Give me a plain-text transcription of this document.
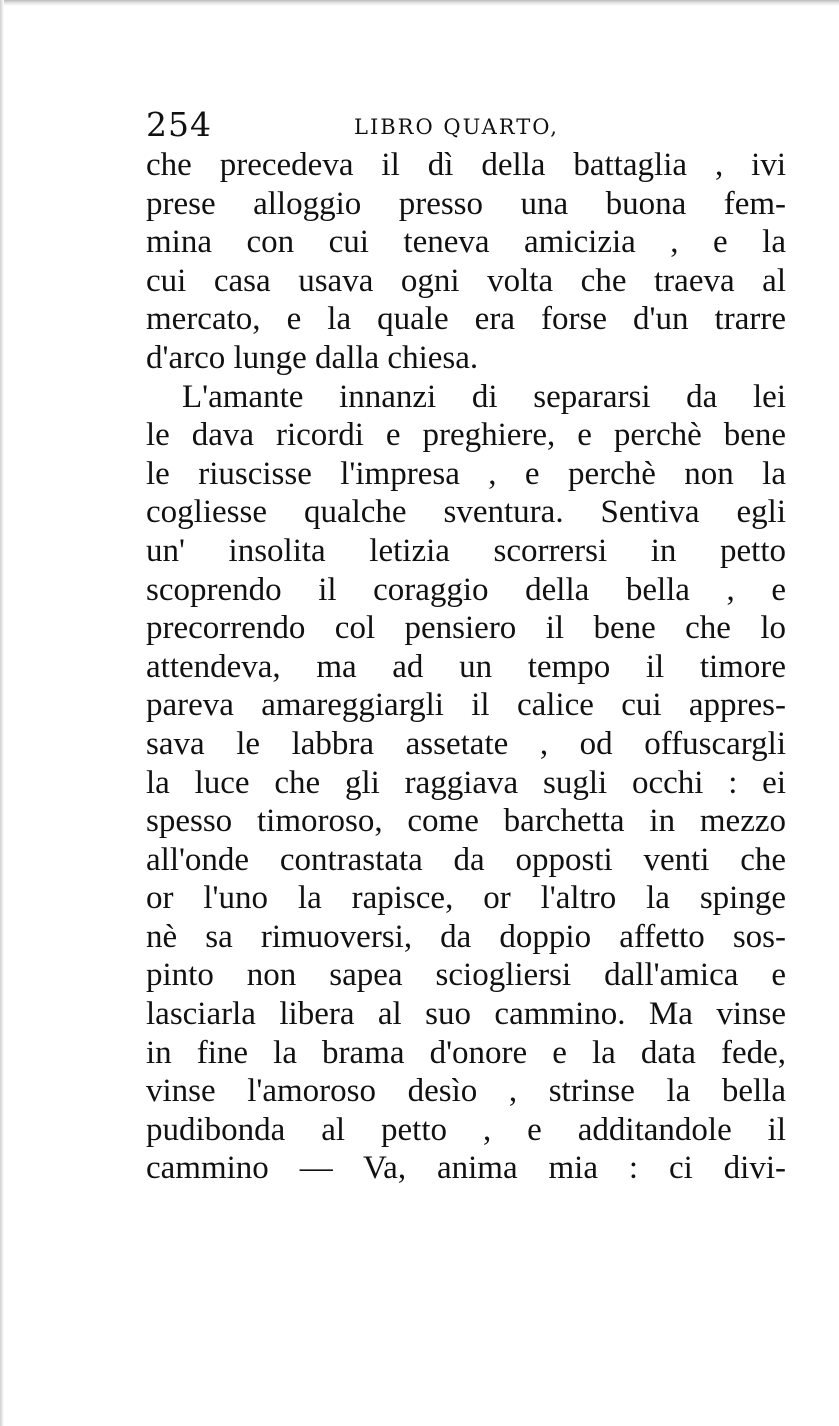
254	LIBRO QUARTO,
che precedeva il dì della battaglia , ivi
prese alloggio presso una buona fem-
mina con cui teneva amicizia , e la
cui casa usava ogni volta che traeva al
mercato, e la quale era forse d'un trarre
d'arco lunge dalla chiesa.
L'amante innanzi di separarsi da lei
le dava ricordi e preghiere, e perchè bene
le riuscisse l'impresa , e perchè non la
cogliesse qualche sventura. Sentiva egli
un' insolita letizia scorrersi in petto
scoprendo il coraggio della bella , e
precorrendo col pensiero il bene che lo
attendeva, ma ad un tempo il timore
pareva amareggiargli il calice cui appres-
sava le labbra assetate , od offuscargli
la luce che gli raggiava sugli occhi : ei
spesso timoroso, come barchetta in mezzo
all'onde contrastata da opposti venti che
or l'uno la rapisce, or l'altro la spinge
nè sa rimuoversi, da doppio affetto sos-
pinto non sapea sciogliersi dall'amica e
lasciarla libera al suo cammino. Ma vinse
in fine la brama d'onore e la data fede,
vinse l'amoroso desìo , strinse la bella
pudibonda al petto , e additandole il
cammino — Va, anima mia : ci divi-
